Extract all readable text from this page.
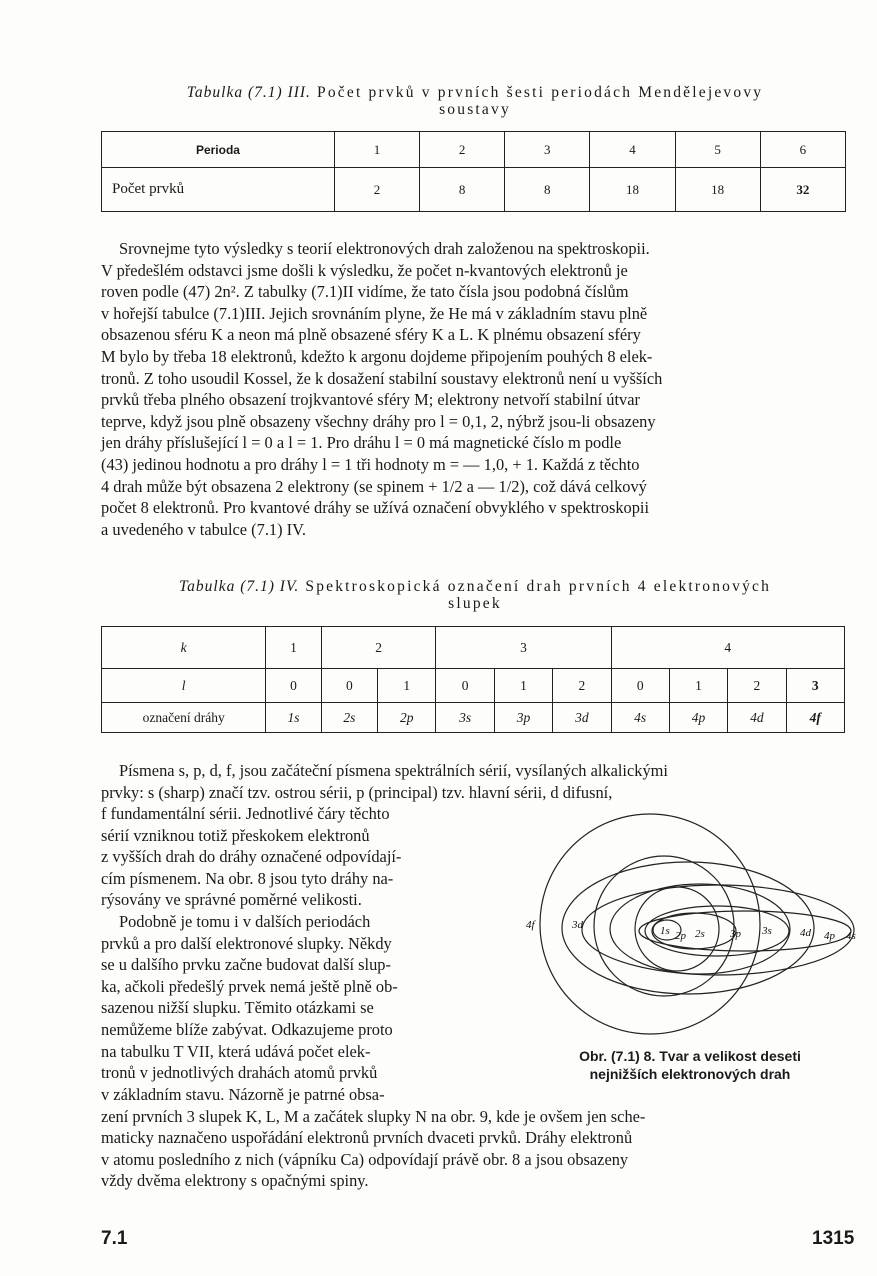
Tabulka (7.1) III. Počet prvků v prvních šesti periodách Mendělejevovy
soustavy
Perioda	1	2	3	4	5	6
Počet prvků	2	8	8	18	18	32
Srovnejme tyto výsledky s teorií elektronových drah založenou na spektroskopii.
V předešlém odstavci jsme došli k výsledku, že počet n-kvantových elektronů je
roven podle (47) 2n². Z tabulky (7.1)II vidíme, že tato čísla jsou podobná číslům
v hořejší tabulce (7.1)III. Jejich srovnáním plyne, že He má v základním stavu plně
obsazenou sféru K a neon má plně obsazené sféry K a L. K plnému obsazení sféry
M bylo by třeba 18 elektronů, kdežto k argonu dojdeme připojením pouhých 8 elek-
tronů. Z toho usoudil Kossel, že k dosažení stabilní soustavy elektronů není u vyšších
prvků třeba plného obsazení trojkvantové sféry M; elektrony netvoří stabilní útvar
teprve, když jsou plně obsazeny všechny dráhy pro l = 0,1, 2, nýbrž jsou-li obsazeny
jen dráhy příslušející l = 0 a l = 1. Pro dráhu l = 0 má magnetické číslo m podle
(43) jedinou hodnotu a pro dráhy l = 1 tři hodnoty m = — 1,0, + 1. Každá z těchto
4 drah může být obsazena 2 elektrony (se spinem + 1/2 a — 1/2), což dává celkový
počet 8 elektronů. Pro kvantové dráhy se užívá označení obvyklého v spektroskopii
a uvedeného v tabulce (7.1) IV.
Tabulka (7.1) IV. Spektroskopická označení drah prvních 4 elektronových
slupek
k	1	2		3			4			
l	0	0	1	0	1	2	0	1	2	3
označení dráhy	1s	2s	2p	3s	3p	3d	4s	4p	4d	4f
Písmena s, p, d, f, jsou začáteční písmena spektrálních sérií, vysílaných alkalickými
prvky: s (sharp) značí tzv. ostrou sérii, p (principal) tzv. hlavní sérii, d difusní,
f fundamentální sérii. Jednotlivé čáry těchto
sérií vzniknou totiž přeskokem elektronů
z vyšších drah do dráhy označené odpovídají-
cím písmenem. Na obr. 8 jsou tyto dráhy na-
rýsovány ve správné poměrné velikosti.
Podobně je tomu i v dalších periodách
prvků a pro další elektronové slupky. Někdy
se u dalšího prvku začne budovat další slup-
ka, ačkoli předešlý prvek nemá ještě plně ob-
sazenou nižší slupku. Těmito otázkami se
nemůžeme blíže zabývat. Odkazujeme proto
na tabulku T VII, která udává počet elek-
tronů v jednotlivých drahách atomů prvků
v základním stavu. Názorně je patrné obsa-
zení prvních 3 slupek K, L, M a začátek slupky N na obr. 9, kde je ovšem jen sche-
maticky naznačeno uspořádání elektronů prvních dvaceti prvků. Dráhy elektronů
v atomu posledního z nich (vápníku Ca) odpovídají právě obr. 8 a jsou obsazeny
vždy dvěma elektrony s opačnými spiny.
1s 2p 2s 3p 3s
3d
4d 4p 4s
4f
Obr. (7.1) 8. Tvar a velikost deseti
nejnižších elektronových drah
7.1	1315
